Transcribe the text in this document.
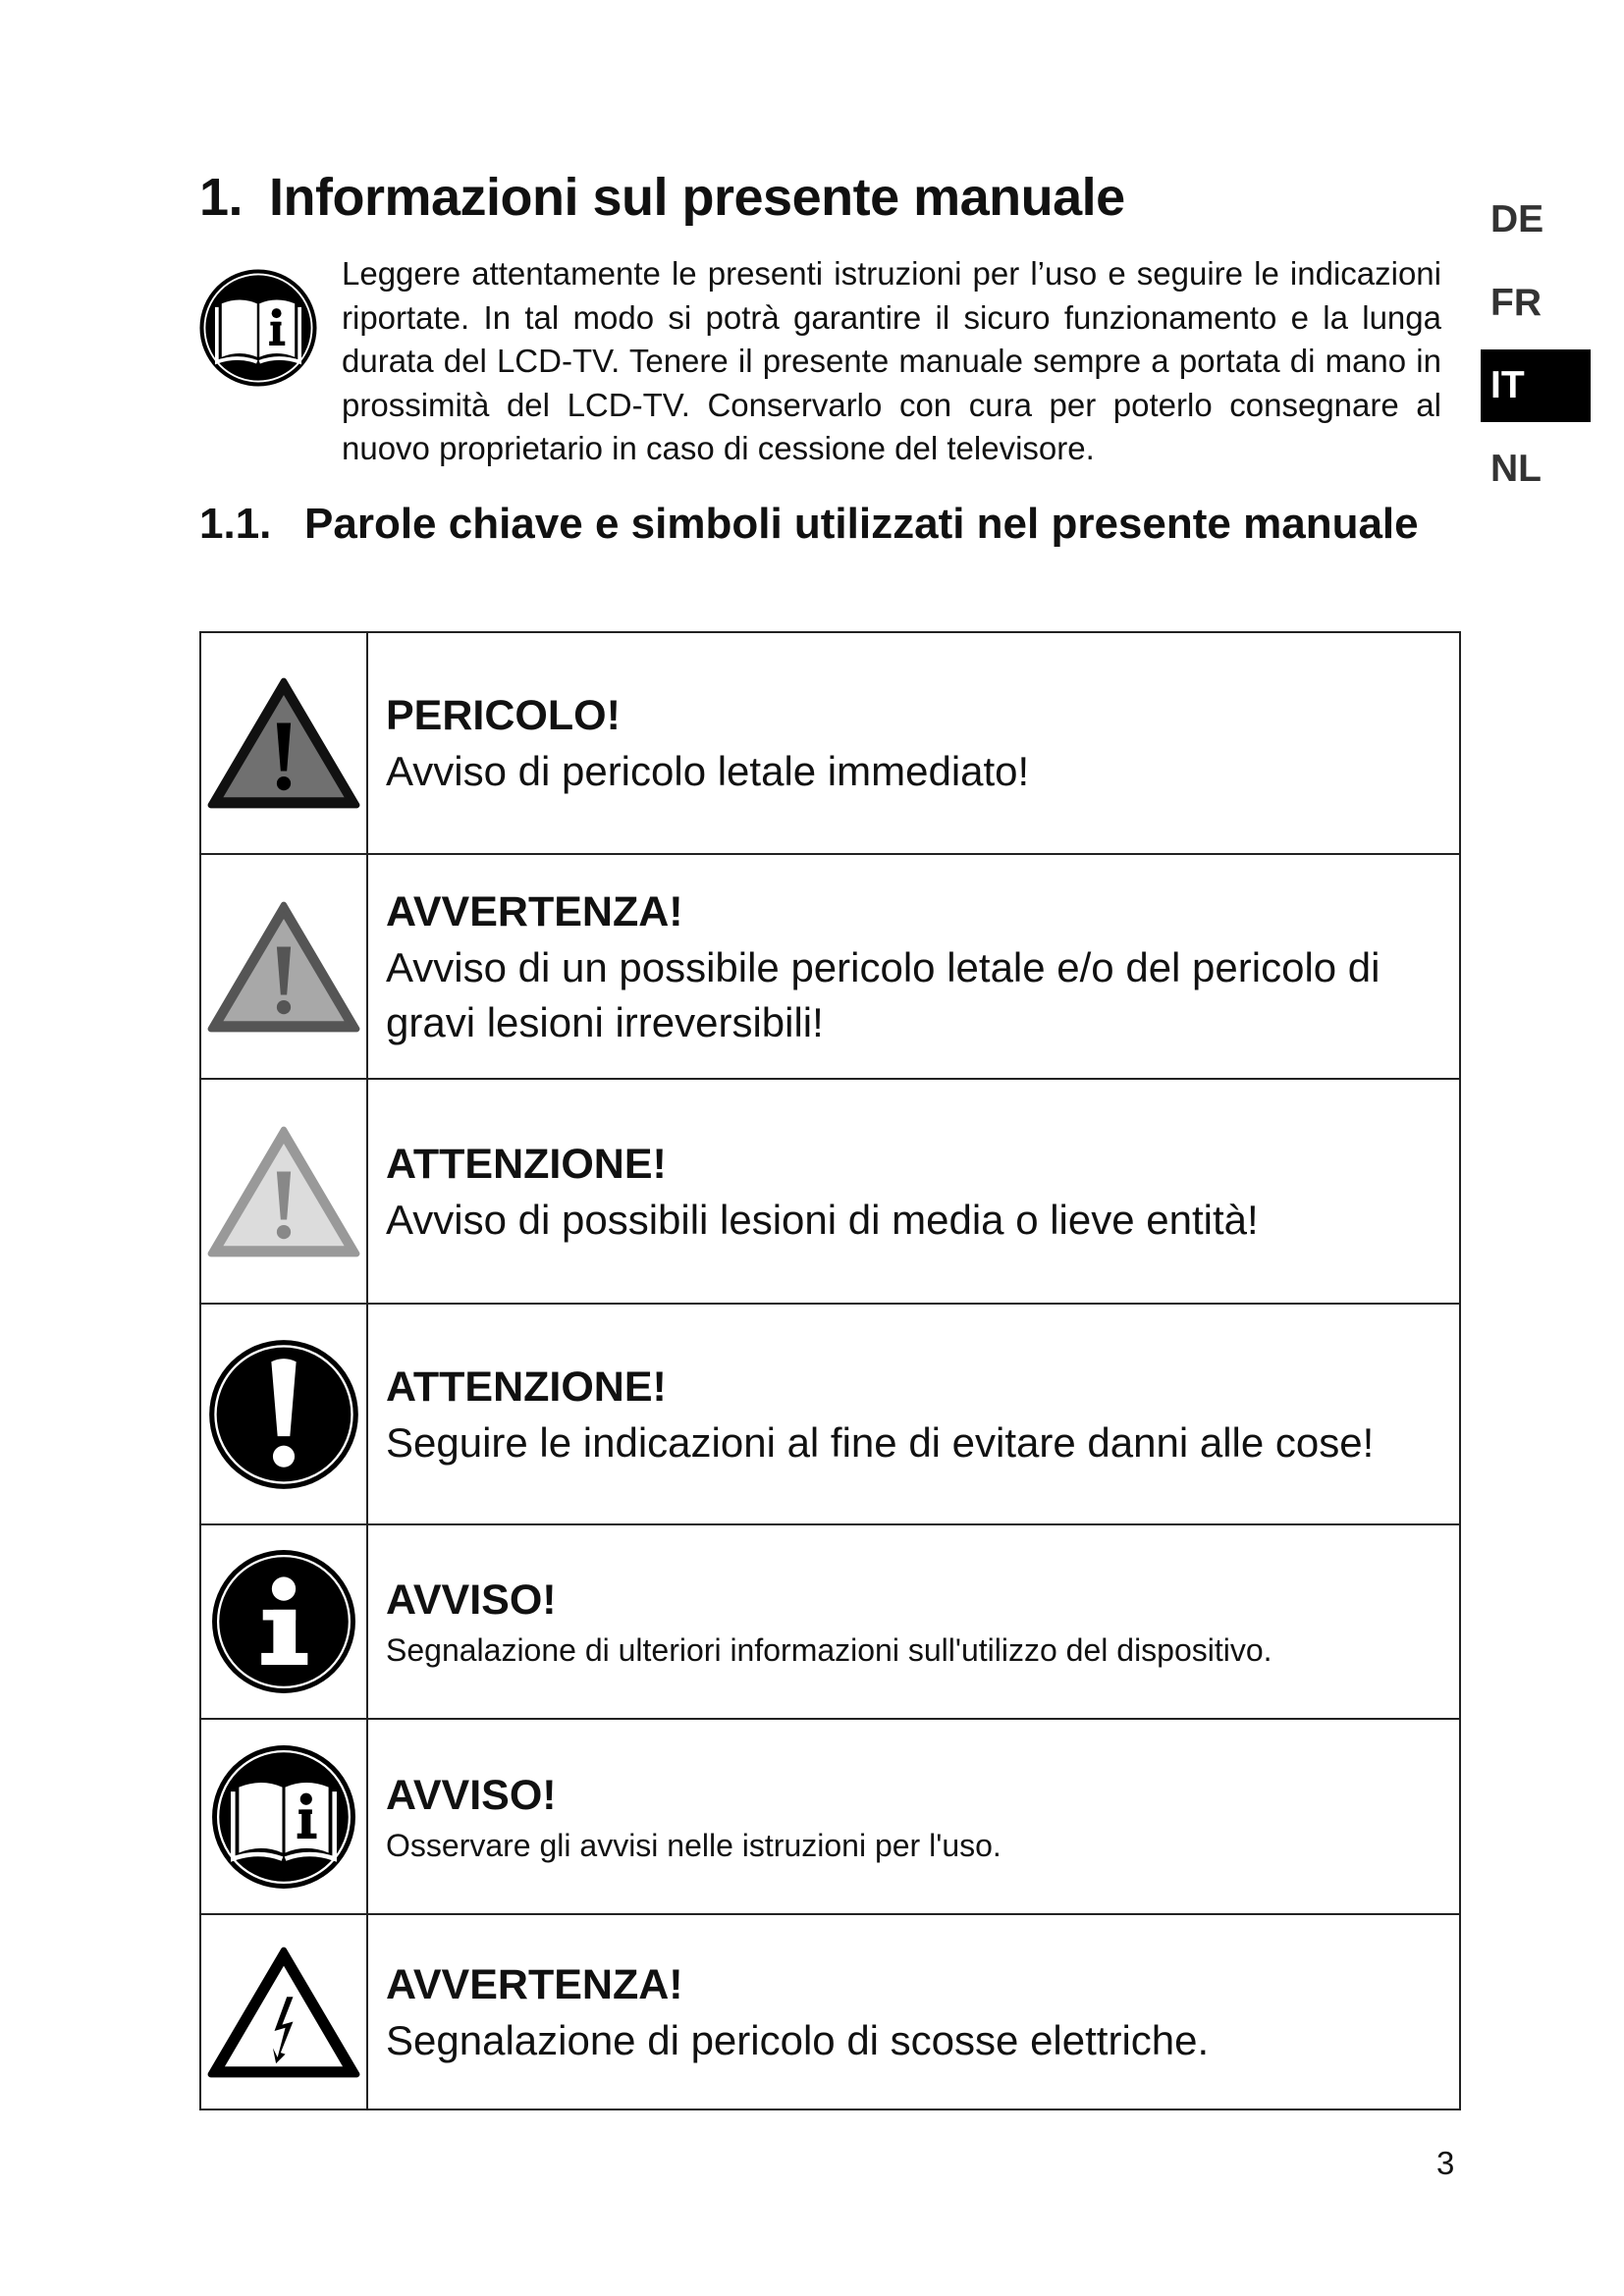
1. Informazioni sul presente manuale

Leggere attentamente le presenti istruzioni per l’uso e seguire le indicazioni riportate. In tal modo si potrà garantire il sicuro funzionamento e la lunga durata del LCD-TV. Tenere il presente manuale sempre a portata di mano in prossimità del LCD-TV. Conservarlo con cura per poterlo consegnare al nuovo proprietario in caso di cessione del televisore.

1.1. Parole chiave e simboli utilizzati nel presente manuale
DE
FR
IT
NL

PERICOLO!
Avviso di pericolo letale immediato!

AVVERTENZA!
Avviso di un possibile pericolo letale e/o del pericolo di gravi lesioni irreversibili!

ATTENZIONE!
Avviso di possibili lesioni di media o lieve entità!

ATTENZIONE!
Seguire le indicazioni al fine di evitare danni alle cose!

AVVISO!
Segnalazione di ulteriori informazioni sull'utilizzo del dispositivo.

AVVISO!
Osservare gli avvisi nelle istruzioni per l'uso.

AVVERTENZA!
Segnalazione di pericolo di scosse elettriche.
3
